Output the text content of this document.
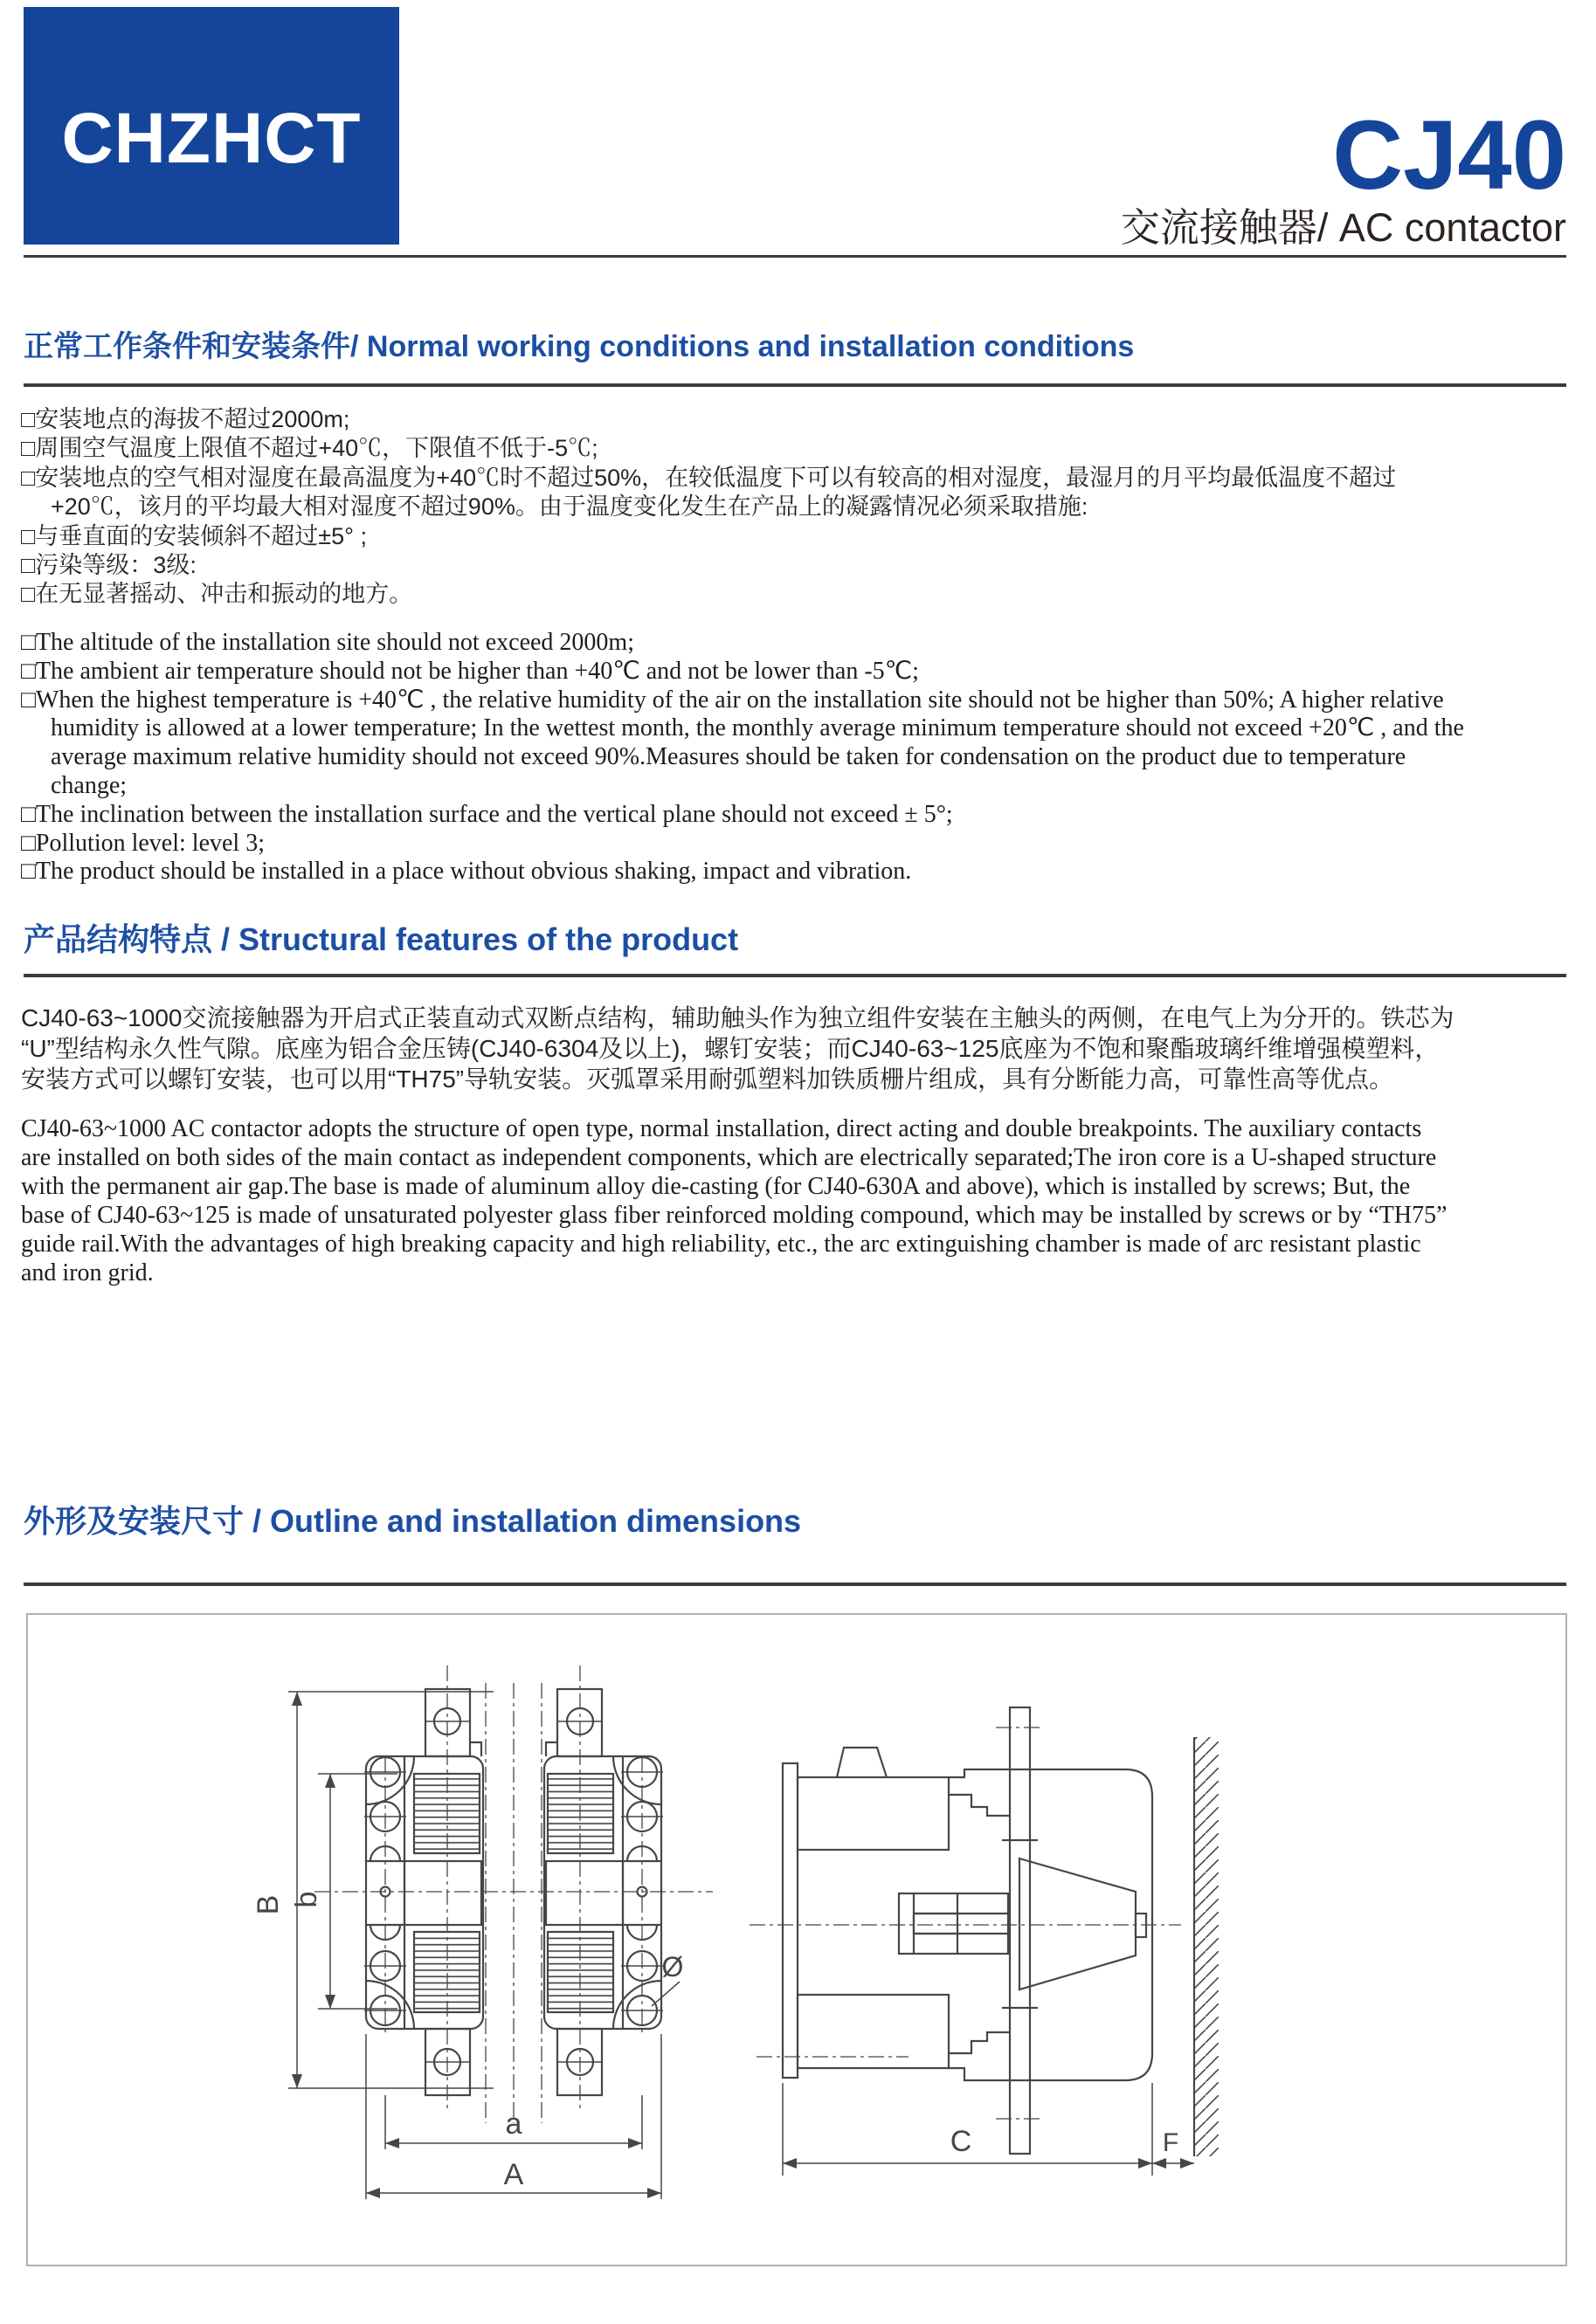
CHZHCT	CJ40
交流接触器/ AC contactor
正常工作条件和安装条件/ Normal working conditions and installation conditions
□安装地点的海拔不超过2000m;
□周围空气温度上限值不超过+40℃，下限值不低于-5℃;
□安装地点的空气相对湿度在最高温度为+40℃时不超过50%，在较低温度下可以有较高的相对湿度，最湿月的月平均最低温度不超过
+20℃，该月的平均最大相对湿度不超过90%。由于温度变化发生在产品上的凝露情况必须采取措施:
□与垂直面的安装倾斜不超过±5° ;
□污染等级：3级:
□在无显著摇动、冲击和振动的地方。
□The altitude of the installation site should not exceed 2000m;
□The ambient air temperature should not be higher than +40℃ and not be lower than -5℃;
□When the highest temperature is +40℃ , the relative humidity of the air on the installation site should not be higher than 50%; A higher relative
humidity is allowed at a lower temperature; In the wettest month, the monthly average minimum temperature should not exceed +20℃ , and the
average maximum relative humidity should not exceed 90%.Measures should be taken for condensation on the product due to temperature
change;
□The inclination between the installation surface and the vertical plane should not exceed ± 5°;
□Pollution level: level 3;
□The product should be installed in a place without obvious shaking, impact and vibration.
产品结构特点 / Structural features of the product
CJ40-63~1000交流接触器为开启式正装直动式双断点结构，辅助触头作为独立组件安装在主触头的两侧，在电气上为分开的。铁芯为
“U”型结构永久性气隙。底座为铝合金压铸(CJ40-6304及以上)，螺钉安装；而CJ40-63~125底座为不饱和聚酯玻璃纤维增强模塑料，
安装方式可以螺钉安装，也可以用“TH75”导轨安装。灭弧罩采用耐弧塑料加铁质栅片组成，具有分断能力高，可靠性高等优点。
CJ40-63~1000 AC contactor adopts the structure of open type, normal installation, direct acting and double breakpoints. The auxiliary contacts
are installed on both sides of the main contact as independent components, which are electrically separated;The iron core is a U-shaped structure
with the permanent air gap.The base is made of aluminum alloy die-casting (for CJ40-630A and above), which is installed by screws; But, the
base of CJ40-63~125 is made of unsaturated polyester glass fiber reinforced molding compound, which may be installed by screws or by “TH75”
guide rail.With the advantages of high breaking capacity and high reliability, etc., the arc extinguishing chamber is made of arc resistant plastic
and iron grid.
外形及安装尺寸 / Outline and installation dimensions
B b
a
A
Ø
C	F
